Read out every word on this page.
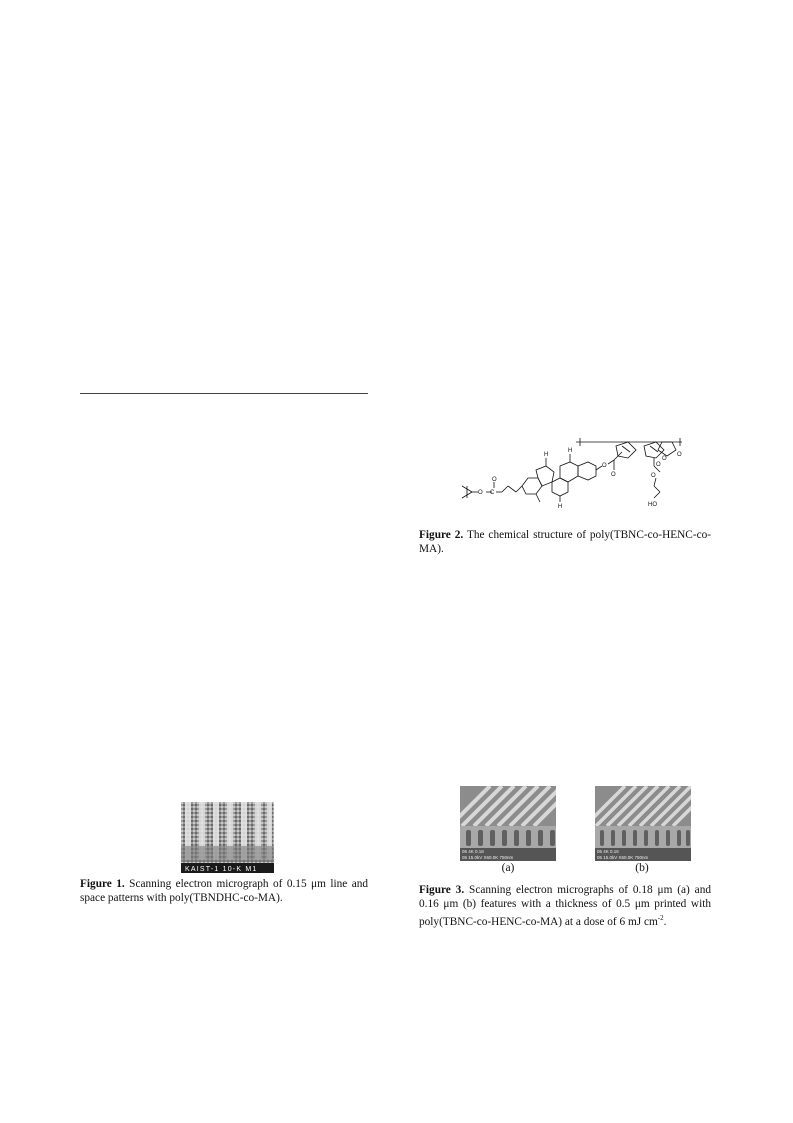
KAIST-1 10-K M1
Figure 1. Scanning electron micrograph of 0.15 μm line and space patterns with poly(TBNDHC-co-MA).
O C
O
O
O	O
HO
O
O
O
H
H
H
Figure 2. The chemical structure of poly(TBNC-co-HENC-co-MA).
05 4K 0.18
05 15.0kV X60.0K 750nm
(a)
05 4K 0.16
05 15.0kV X60.0K 750nm
(b)
Figure 3. Scanning electron micrographs of 0.18 μm (a) and 0.16 μm (b) features with a thickness of 0.5 μm printed with poly(TBNC-co-HENC-co-MA) at a dose of 6 mJ $cm^{-2}$.
